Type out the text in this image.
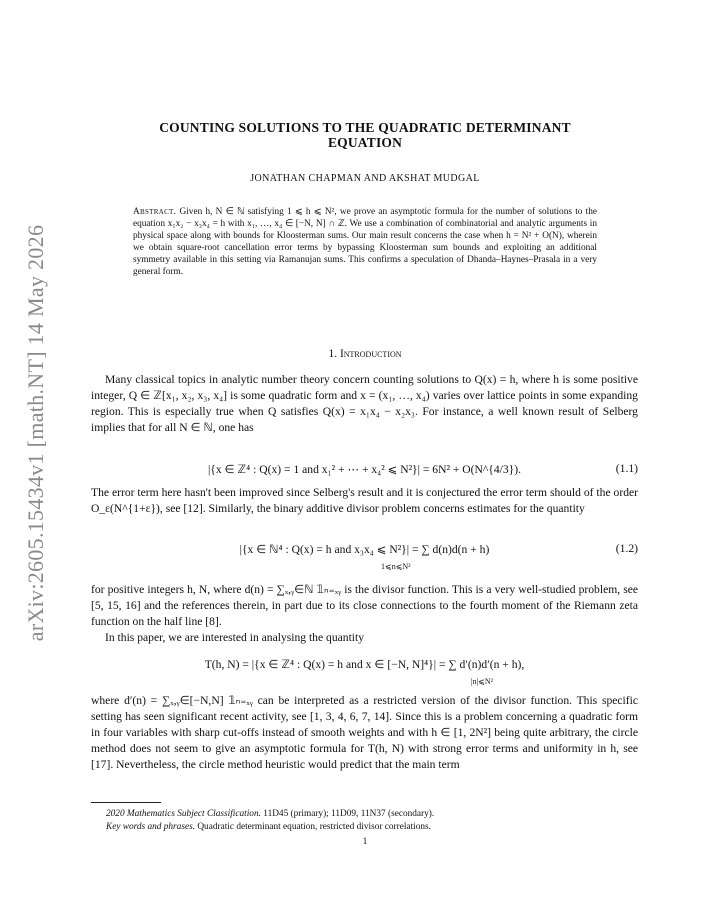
arXiv:2605.15434v1 [math.NT] 14 May 2026
COUNTING SOLUTIONS TO THE QUADRATIC DETERMINANT
EQUATION
JONATHAN CHAPMAN AND AKSHAT MUDGAL
Abstract. Given h, N ∈ ℕ satisfying 1 ⩽ h ⩽ N², we prove an asymptotic formula for the number of solutions to the equation x₁x₂ − x₃x₄ = h with x₁, …, x₄ ∈ [−N, N] ∩ ℤ. We use a combination of combinatorial and analytic arguments in physical space along with bounds for Kloosterman sums. Our main result concerns the case when h = N² + O(N), wherein we obtain square-root cancellation error terms by bypassing Kloosterman sum bounds and exploiting an additional symmetry available in this setting via Ramanujan sums. This confirms a speculation of Dhanda–Haynes–Prasala in a very general form.
1. Introduction
Many classical topics in analytic number theory concern counting solutions to Q(x) = h, where h is some positive integer, Q ∈ ℤ[x₁, x₂, x₃, x₄] is some quadratic form and x = (x₁, …, x₄) varies over lattice points in some expanding region. This is especially true when Q satisfies Q(x) = x₁x₄ − x₂x₃. For instance, a well known result of Selberg implies that for all N ∈ ℕ, one has
|{x ∈ ℤ⁴ : Q(x) = 1 and x₁² + ⋯ + x₄² ⩽ N²}| = 6N² + O(N^{4/3}).	(1.1)
The error term here hasn't been improved since Selberg's result and it is conjectured the error term should of the order O_ε(N^{1+ε}), see [12]. Similarly, the binary additive divisor problem concerns estimates for the quantity
|{x ∈ ℕ⁴ : Q(x) = h and x₃x₄ ⩽ N²}| = ∑ d(n)d(n + h)	(1.2)
1⩽n⩽N²
for positive integers h, N, where d(n) = ∑ₓ,ᵧ∈ℕ 𝟙ₙ₌ₓᵧ is the divisor function. This is a very well-studied problem, see [5, 15, 16] and the references therein, in part due to its close connections to the fourth moment of the Riemann zeta function on the half line [8].
In this paper, we are interested in analysing the quantity
T(h, N) = |{x ∈ ℤ⁴ : Q(x) = h and x ∈ [−N, N]⁴}| = ∑ d′(n)d′(n + h),
|n|⩽N²
where d′(n) = ∑ₓ,ᵧ∈[−N,N] 𝟙ₙ₌ₓᵧ can be interpreted as a restricted version of the divisor function. This specific setting has seen significant recent activity, see [1, 3, 4, 6, 7, 14]. Since this is a problem concerning a quadratic form in four variables with sharp cut-offs instead of smooth weights and with h ∈ [1, 2N²] being quite arbitrary, the circle method does not seem to give an asymptotic formula for T(h, N) with strong error terms and uniformity in h, see [17]. Nevertheless, the circle method heuristic would predict that the main term
2020 Mathematics Subject Classification. 11D45 (primary); 11D09, 11N37 (secondary).
Key words and phrases. Quadratic determinant equation, restricted divisor correlations.
1
